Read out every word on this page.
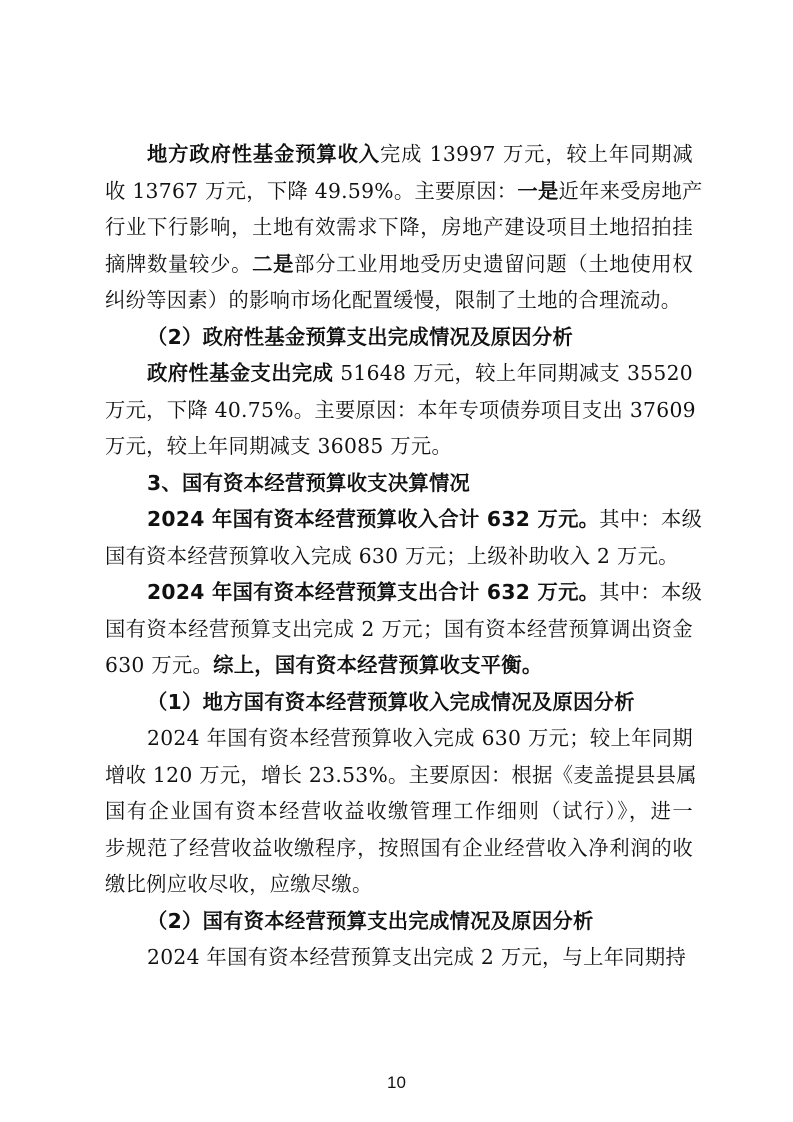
地方政府性基金预算收入完成 13997 万元，较上年同期减
收 13767 万元，下降 49.59%。主要原因：一是近年来受房地产
行业下行影响，土地有效需求下降，房地产建设项目土地招拍挂
摘牌数量较少。二是部分工业用地受历史遗留问题（土地使用权
纠纷等因素）的影响市场化配置缓慢，限制了土地的合理流动。
（2）政府性基金预算支出完成情况及原因分析
政府性基金支出完成 51648 万元，较上年同期减支 35520
万元，下降 40.75%。主要原因：本年专项债券项目支出 37609
万元，较上年同期减支 36085 万元。
3、国有资本经营预算收支决算情况
2024 年国有资本经营预算收入合计 632 万元。其中：本级
国有资本经营预算收入完成 630 万元；上级补助收入 2 万元。
2024 年国有资本经营预算支出合计 632 万元。其中：本级
国有资本经营预算支出完成 2 万元；国有资本经营预算调出资金
630 万元。综上，国有资本经营预算收支平衡。
（1）地方国有资本经营预算收入完成情况及原因分析
2024 年国有资本经营预算收入完成 630 万元；较上年同期
增收 120 万元，增长 23.53%。主要原因：根据《麦盖提县县属
国有企业国有资本经营收益收缴管理工作细则（试行）》，进一
步规范了经营收益收缴程序，按照国有企业经营收入净利润的收
缴比例应收尽收，应缴尽缴。
（2）国有资本经营预算支出完成情况及原因分析
2024 年国有资本经营预算支出完成 2 万元，与上年同期持
10
